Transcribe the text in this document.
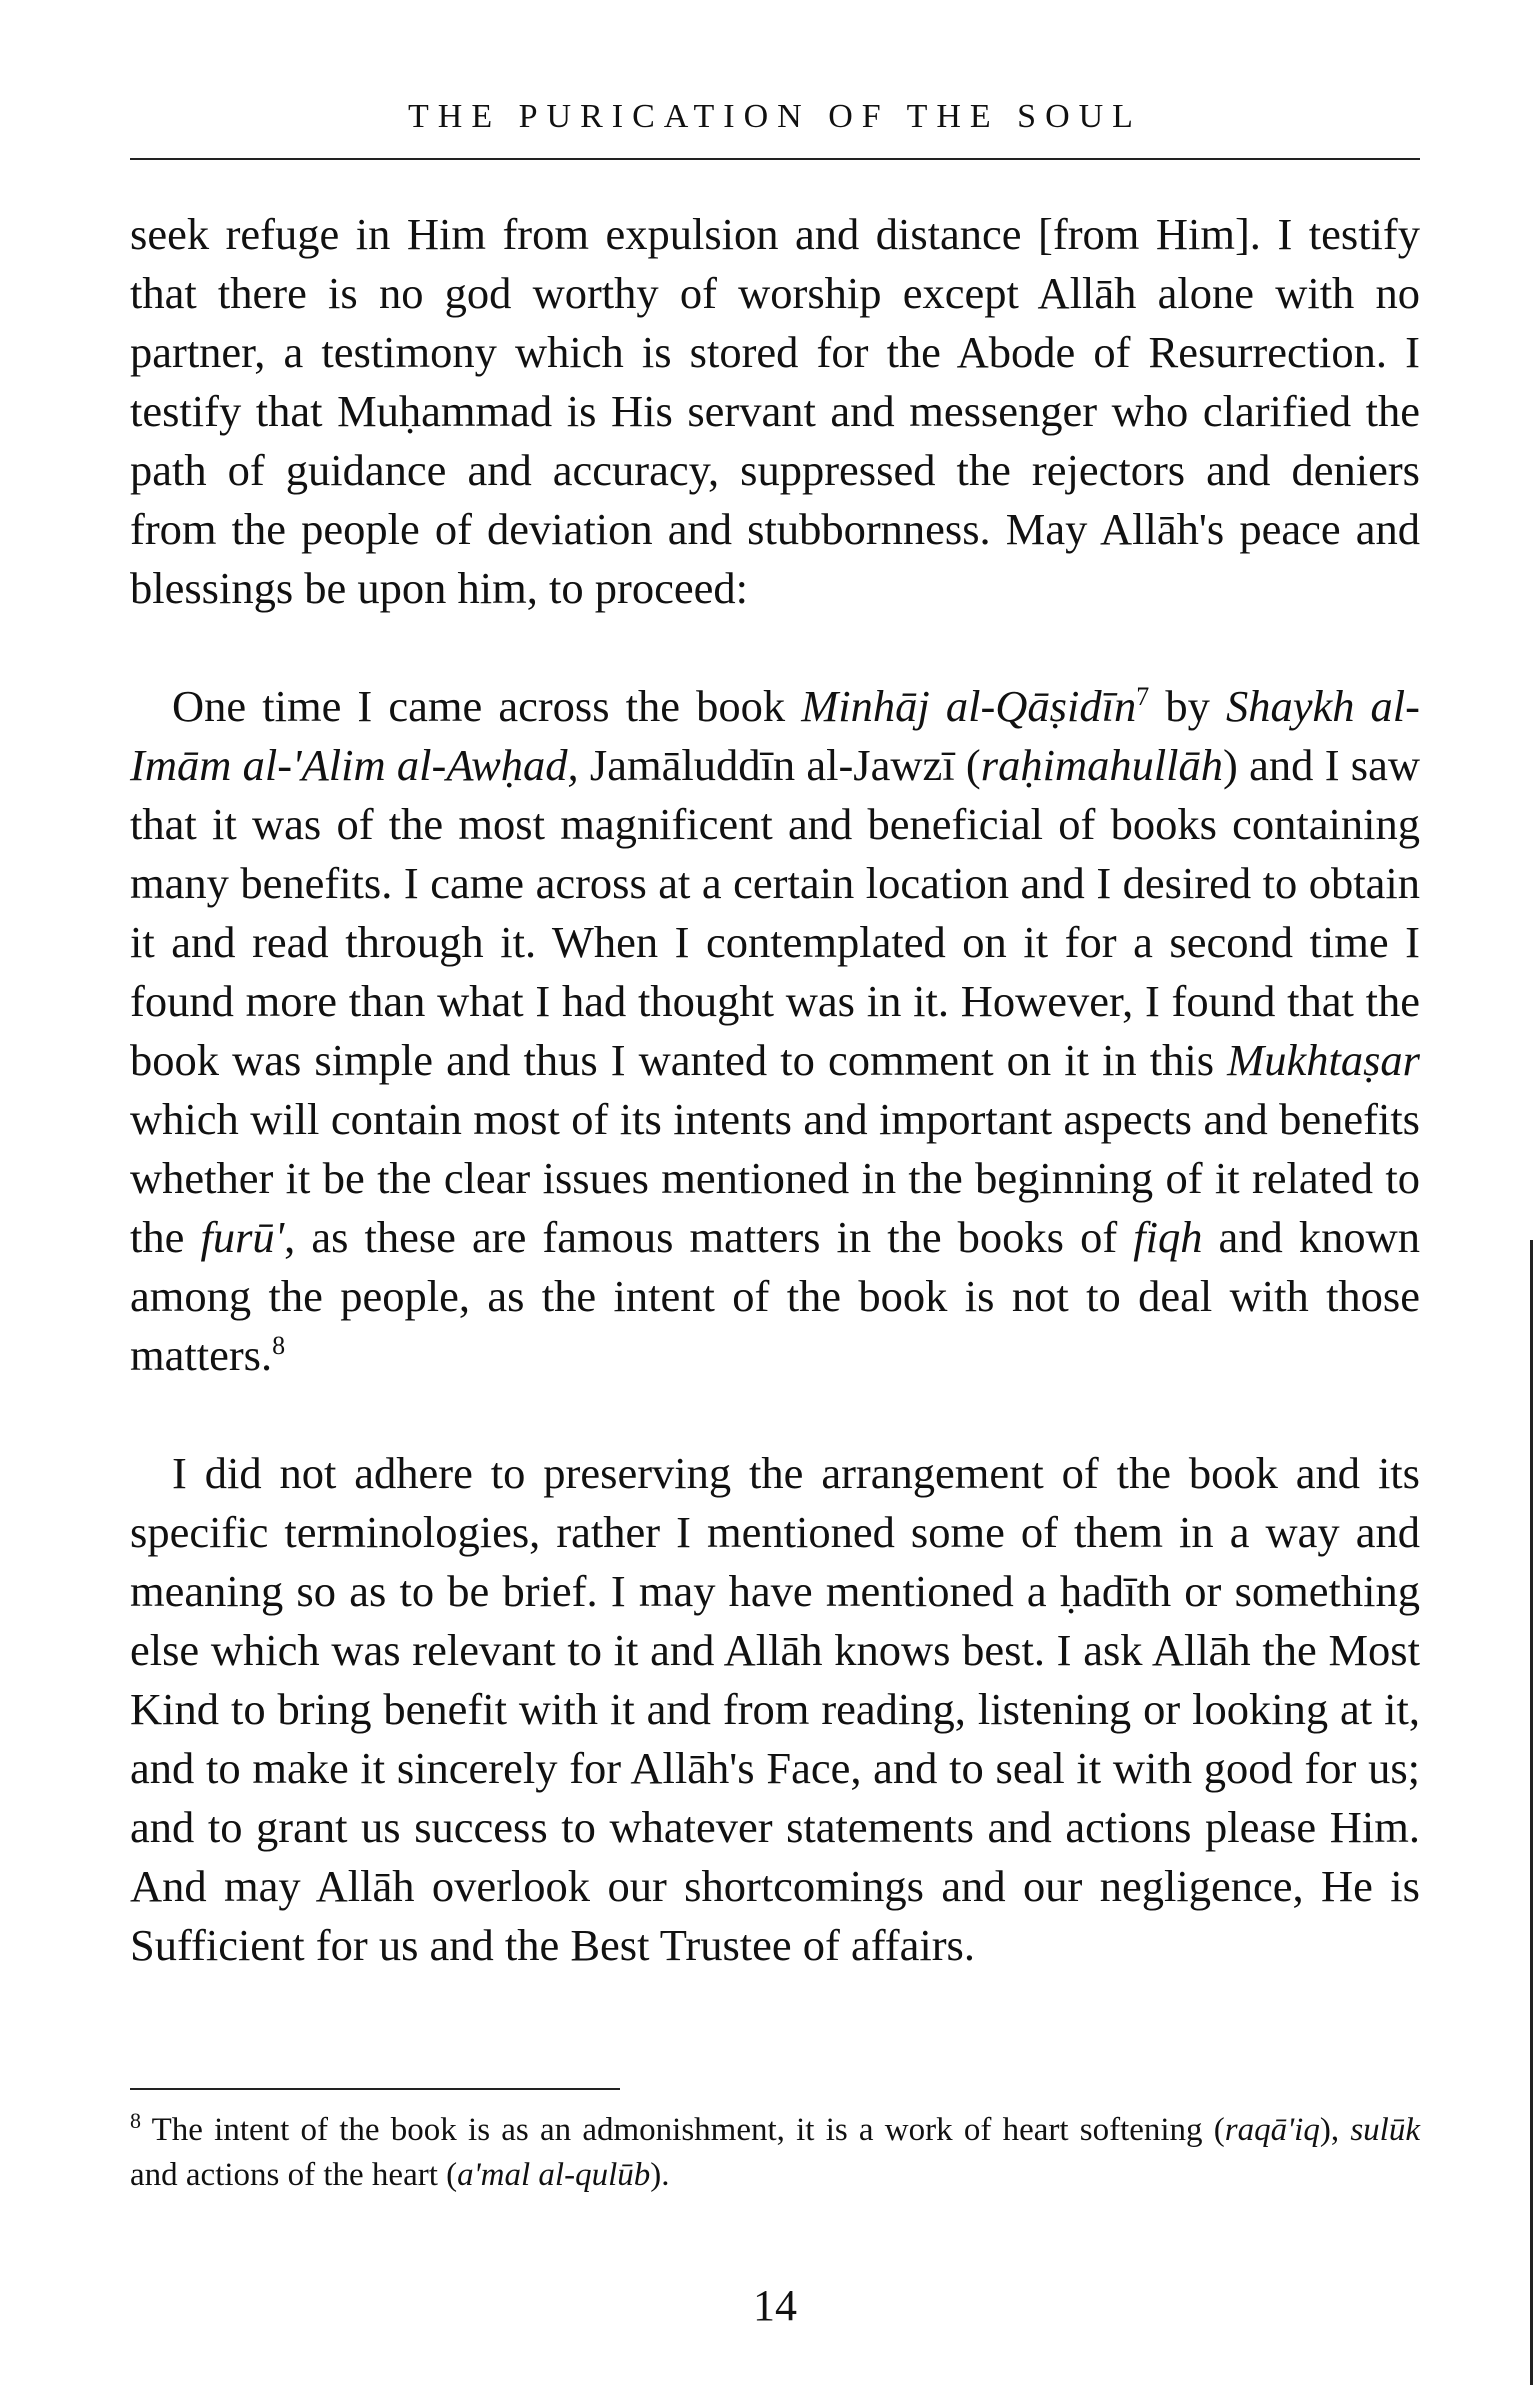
THE PURICATION OF THE SOUL

seek refuge in Him from expulsion and distance [from Him]. I testify that there is no god worthy of worship except Allāh alone with no partner, a testimony which is stored for the Abode of Resurrection. I testify that Muḥammad is His servant and messenger who clarified the path of guidance and accuracy, suppressed the rejectors and deniers from the people of deviation and stubbornness. May Allāh's peace and blessings be upon him, to proceed:

One time I came across the book Minhāj al-Qāṣidīn$^7$ by Shaykh al-Imām al-'Alim al-Awḥad, Jamāluddīn al-Jawzī (raḥimahullāh) and I saw that it was of the most magnificent and beneficial of books containing many benefits. I came across at a certain location and I desired to obtain it and read through it. When I contemplated on it for a second time I found more than what I had thought was in it. However, I found that the book was simple and thus I wanted to comment on it in this Mukhtaṣar which will contain most of its intents and important aspects and benefits whether it be the clear issues mentioned in the beginning of it related to the furū', as these are famous matters in the books of fiqh and known among the people, as the intent of the book is not to deal with those matters.$^8$

I did not adhere to preserving the arrangement of the book and its specific terminologies, rather I mentioned some of them in a way and meaning so as to be brief. I may have mentioned a ḥadīth or something else which was relevant to it and Allāh knows best. I ask Allāh the Most Kind to bring benefit with it and from reading, listening or looking at it, and to make it sincerely for Allāh's Face, and to seal it with good for us; and to grant us success to whatever statements and actions please Him. And may Allāh overlook our shortcomings and our negligence, He is Sufficient for us and the Best Trustee of affairs.

$^8$ The intent of the book is as an admonishment, it is a work of heart softening (raqā'iq), sulūk and actions of the heart (a'mal al-qulūb).
14
